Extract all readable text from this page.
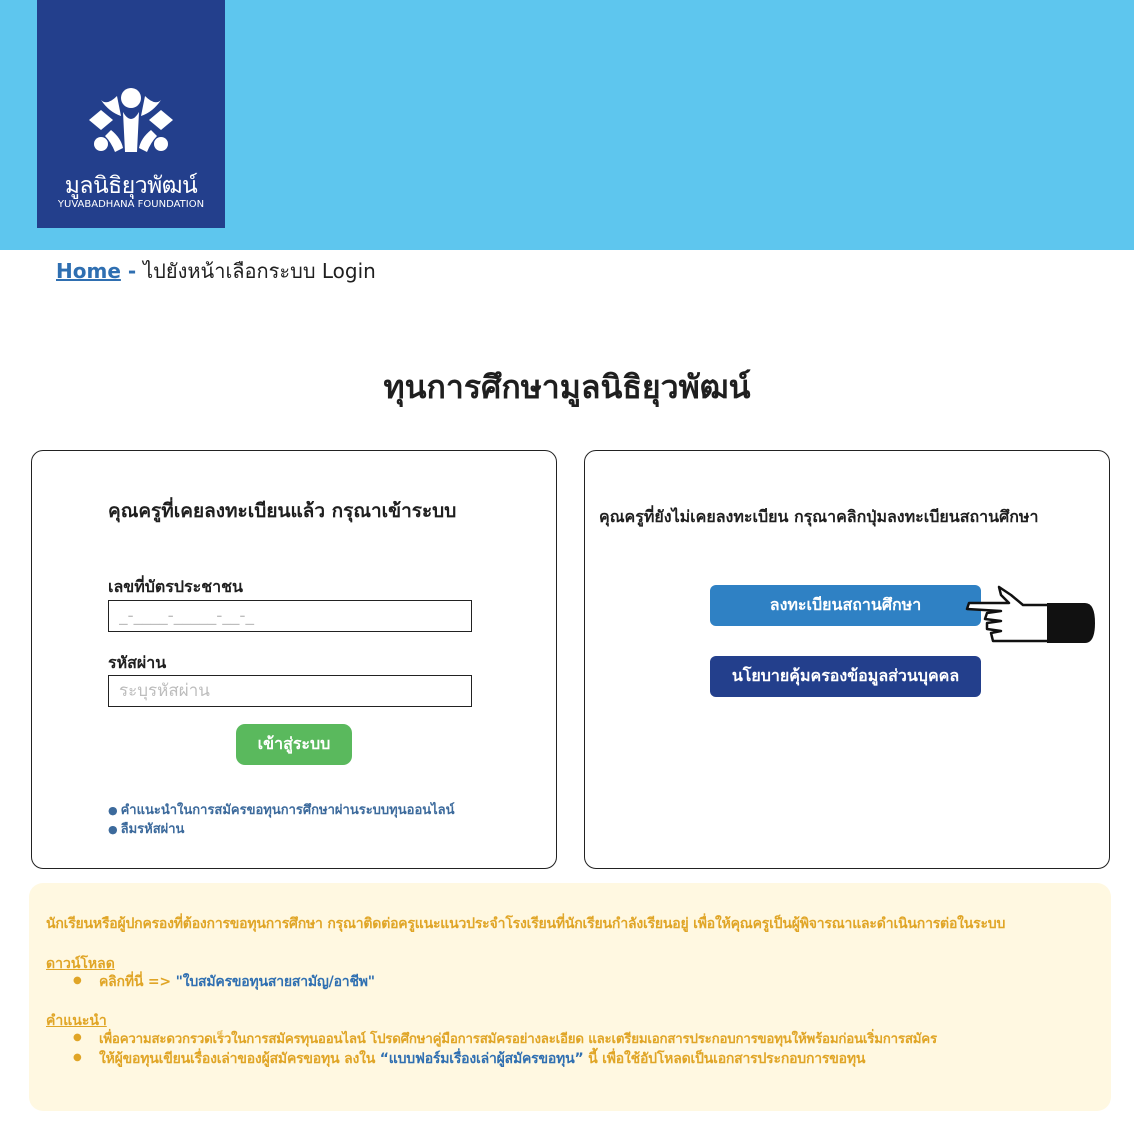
มูลนิธิยุวพัฒน์
YUVABADHANA FOUNDATION
Home - ไปยังหน้าเลือกระบบ Login
ทุนการศึกษามูลนิธิยุวพัฒน์
คุณครูที่เคยลงทะเบียนแล้ว กรุณาเข้าระบบ
เลขที่บัตรประชาชน
_-____-_____-__-_
รหัสผ่าน
เข้าสู่ระบบ
● คำแนะนำในการสมัครขอทุนการศึกษาผ่านระบบทุนออนไลน์
● ลืมรหัสผ่าน
คุณครูที่ยังไม่เคยลงทะเบียน กรุณาคลิกปุ่มลงทะเบียนสถานศึกษา
ลงทะเบียนสถานศึกษา
นโยบายคุ้มครองข้อมูลส่วนบุคคล
นักเรียนหรือผู้ปกครองที่ต้องการขอทุนการศึกษา กรุณาติดต่อครูแนะแนวประจำโรงเรียนที่นักเรียนกำลังเรียนอยู่ เพื่อให้คุณครูเป็นผู้พิจารณาและดำเนินการต่อในระบบ
ดาวน์โหลด
● คลิกที่นี่ => "ใบสมัครขอทุนสายสามัญ/อาชีพ"
คำแนะนำ
● เพื่อความสะดวกรวดเร็วในการสมัครทุนออนไลน์ โปรดศึกษาคู่มือการสมัครอย่างละเอียด และเตรียมเอกสารประกอบการขอทุนให้พร้อมก่อนเริ่มการสมัคร
● ให้ผู้ขอทุนเขียนเรื่องเล่าของผู้สมัครขอทุน ลงใน “แบบฟอร์มเรื่องเล่าผู้สมัครขอทุน” นี้ เพื่อใช้อัปโหลดเป็นเอกสารประกอบการขอทุน
